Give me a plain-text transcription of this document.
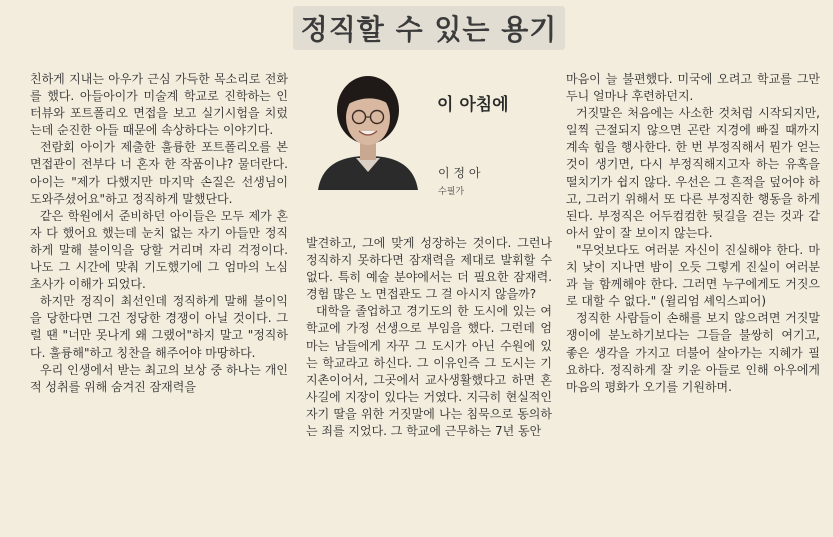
정직할 수 있는 용기

친하게 지내는 아우가 근심 가득한 목소리로 전화를 했다. 아들아이가 미술계 학교로 진학하는 인터뷰와 포트폴리오 면접을 보고 실기시험을 치렀는데 순진한 아들 때문에 속상하다는 이야기다.

전람회 아이가 제출한 훌륭한 포트폴리오를 본 면접관이 전부다 너 혼자 한 작품이냐? 물더란다. 아이는 "제가 다했지만 마지막 손질은 선생님이 도와주셨어요"하고 정직하게 말했단다.

같은 학원에서 준비하던 아이들은 모두 제가 혼자 다 했어요 했는데 눈치 없는 자기 아들만 정직하게 말해 불이익을 당할 거리며 자리 걱정이다. 나도 그 시간에 맞춰 기도했기에 그 엄마의 노심초사가 이해가 되었다.

하지만 정직이 최선인데 정직하게 말해 불이익을 당한다면 그건 정당한 경쟁이 아닐 것이다. 그럴 땐 "너만 못나게 왜 그랬어"하지 말고 "정직하다. 훌륭해"하고 칭찬을 해주어야 마땅하다.

우리 인생에서 받는 최고의 보상 중 하나는 개인적 성취를 위해 숨겨진 잠재력을

이 아침에
이 정 아
수필가

발견하고, 그에 맞게 성장하는 것이다. 그런나 정직하지 못하다면 잠재력을 제대로 발휘할 수 없다. 특히 예술 분야에서는 더 필요한 잠재력. 경험 많은 노 면접관도 그 걸 아시지 않을까?

대학을 졸업하고 경기도의 한 도시에 있는 여학교에 가정 선생으로 부임을 했다. 그런데 엄마는 남들에게 자꾸 그 도시가 아닌 수원에 있는 학교라고 하신다. 그 이유인즉 그 도시는 기지촌이어서, 그곳에서 교사생활했다고 하면 혼사길에 지장이 있다는 거였다. 지극히 현실적인 자기 딸을 위한 거짓말에 나는 침묵으로 동의하는 죄를 지었다. 그 학교에 근무하는 7년 동안

마음이 늘 불편했다. 미국에 오려고 학교를 그만두니 얼마나 후련하던지.

거짓말은 처음에는 사소한 것처럼 시작되지만, 일찍 근절되지 않으면 곤란 지경에 빠질 때까지 계속 힘을 행사한다. 한 번 부정직해서 뭔가 얻는 것이 생기면, 다시 부정직해지고자 하는 유혹을 떨치기가 쉽지 않다. 우선은 그 흔적을 덮어야 하고, 그러기 위해서 또 다른 부정직한 행동을 하게 된다. 부정직은 어두컴컴한 뒷길을 걷는 것과 같아서 앞이 잘 보이지 않는다.

"무엇보다도 여러분 자신이 진실해야 한다. 마치 낮이 지나면 밤이 오듯 그렇게 진실이 여러분과 늘 함께해야 한다. 그러면 누구에게도 거짓으로 대할 수 없다." (윌리엄 셰익스피어)

정직한 사람들이 손해를 보지 않으려면 거짓말쟁이에 분노하기보다는 그들을 불쌍히 여기고, 좋은 생각을 가지고 더불어 살아가는 지혜가 필요하다. 정직하게 잘 키운 아들로 인해 아우에게 마음의 평화가 오기를 기원하며.
